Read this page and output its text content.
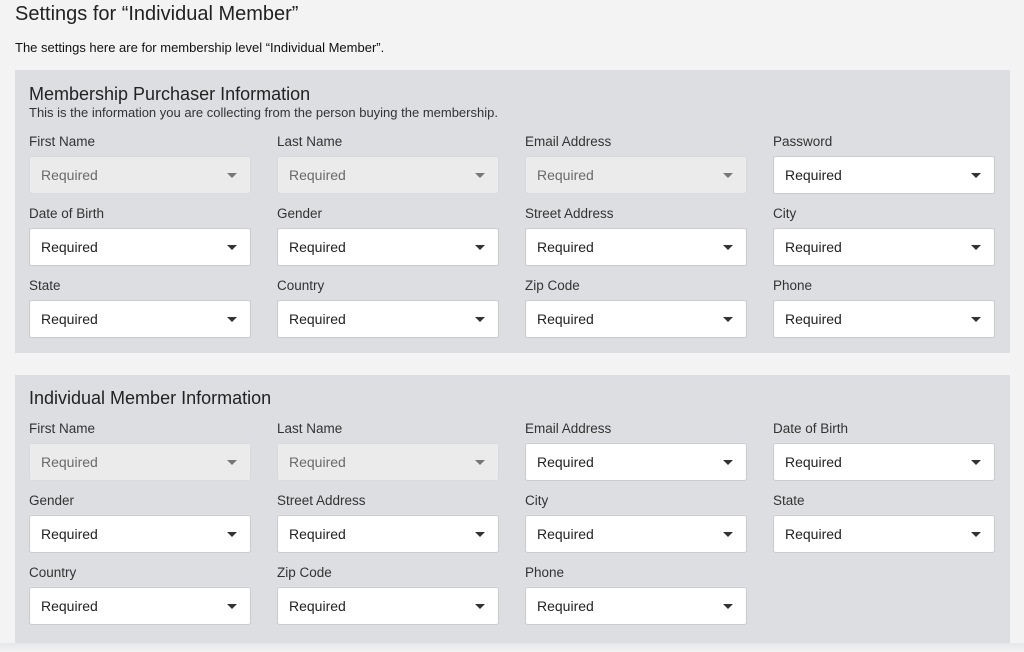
Settings for “Individual Member”
The settings here are for membership level “Individual Member”.
Membership Purchaser Information
This is the information you are collecting from the person buying the membership.
First Name
Required
Last Name
Required
Email Address
Required
Password
Required
Date of Birth
Required
Gender
Required
Street Address
Required
City
Required
State
Required
Country
Required
Zip Code
Required
Phone
Required
Individual Member Information
First Name
Required
Last Name
Required
Email Address
Required
Date of Birth
Required
Gender
Required
Street Address
Required
City
Required
State
Required
Country
Required
Zip Code
Required
Phone
Required
